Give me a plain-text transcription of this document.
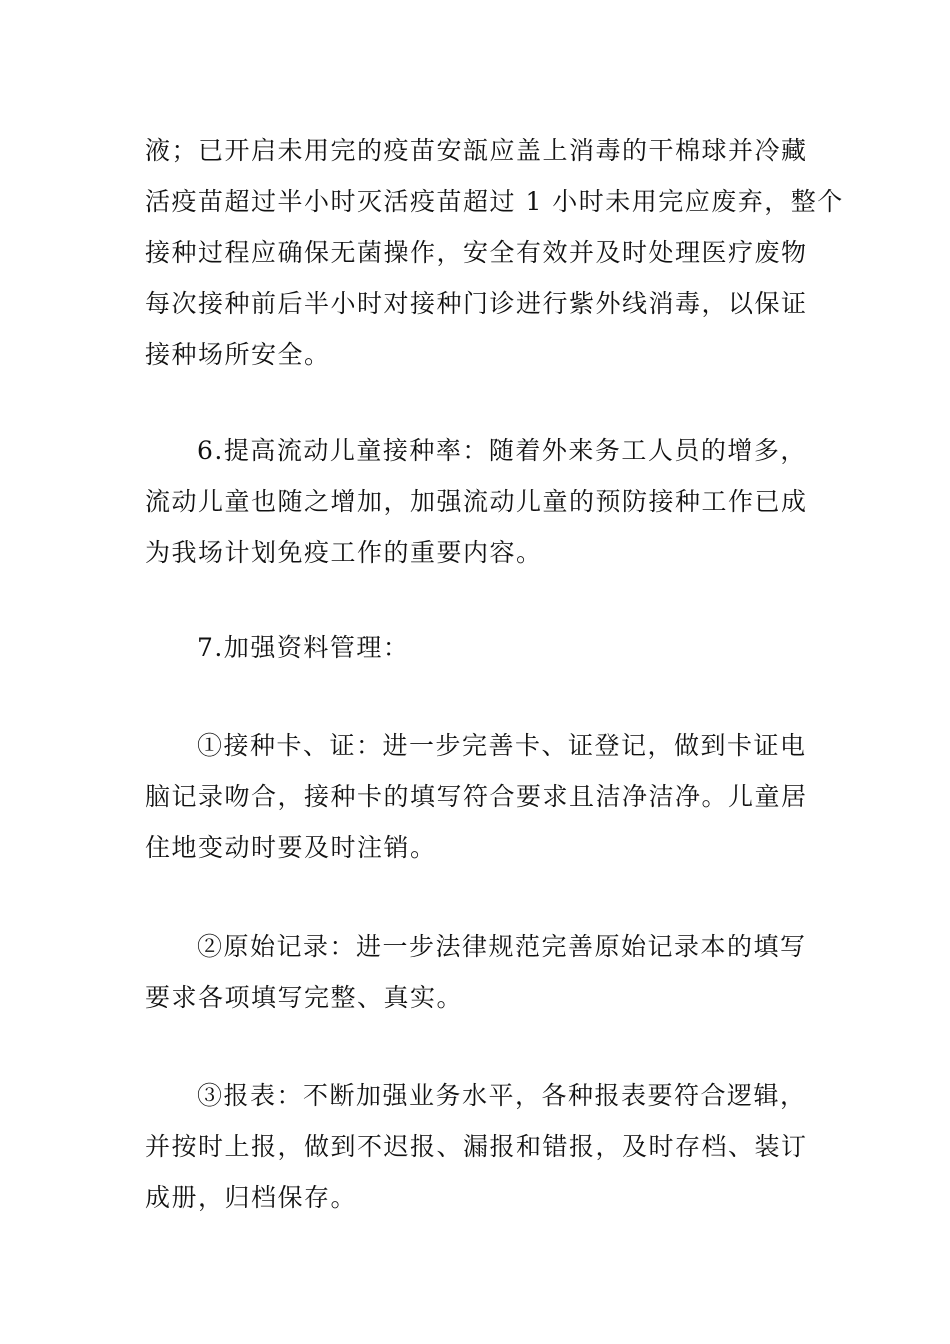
液；已开启未用完的疫苗安瓿应盖上消毒的干棉球并冷藏
活疫苗超过半小时灭活疫苗超过 1 小时未用完应废弃，整个
接种过程应确保无菌操作，安全有效并及时处理医疗废物
每次接种前后半小时对接种门诊进行紫外线消毒，以保证
接种场所安全。
6.提高流动儿童接种率：随着外来务工人员的增多，
流动儿童也随之增加，加强流动儿童的预防接种工作已成
为我场计划免疫工作的重要内容。
7.加强资料管理：
①接种卡、证：进一步完善卡、证登记，做到卡证电
脑记录吻合，接种卡的填写符合要求且洁净洁净。儿童居
住地变动时要及时注销。
②原始记录：进一步法律规范完善原始记录本的填写
要求各项填写完整、真实。
③报表：不断加强业务水平，各种报表要符合逻辑，
并按时上报，做到不迟报、漏报和错报，及时存档、装订
成册，归档保存。
